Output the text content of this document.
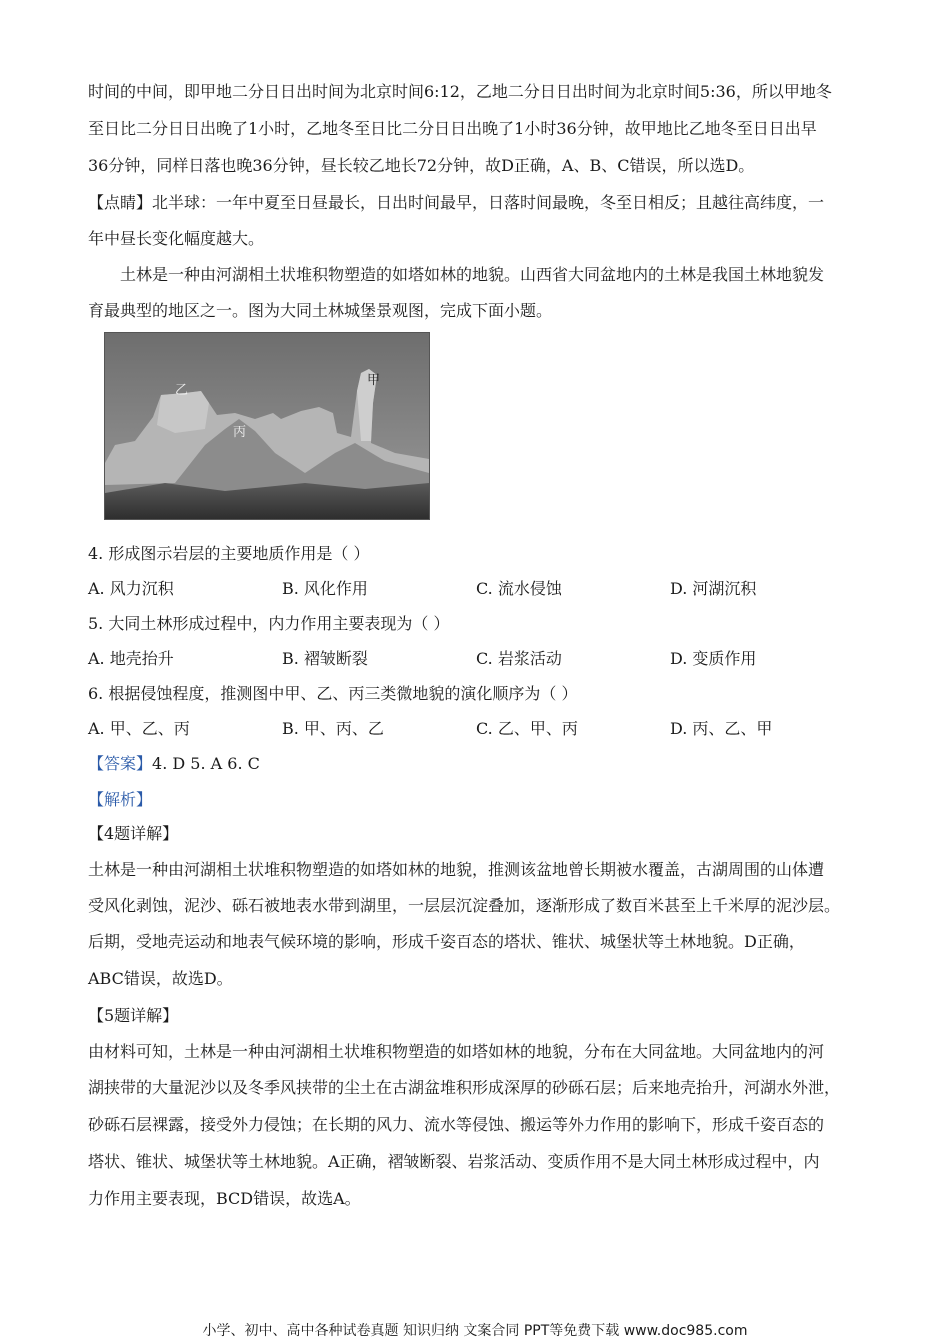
时间的中间，即甲地二分日日出时间为北京时间6:12，乙地二分日日出时间为北京时间5:36，所以甲地冬
至日比二分日日出晚了1小时，乙地冬至日比二分日日出晚了1小时36分钟，故甲地比乙地冬至日日出早
36分钟，同样日落也晚36分钟，昼长较乙地长72分钟，故D正确，A、B、C错误，所以选D。
【点睛】北半球：一年中夏至日昼最长，日出时间最早，日落时间最晚，冬至日相反；且越往高纬度，一
年中昼长变化幅度越大。
土林是一种由河湖相土状堆积物塑造的如塔如林的地貌。山西省大同盆地内的土林是我国土林地貌发
育最典型的地区之一。图为大同土林城堡景观图，完成下面小题。
乙
甲
丙
4. 形成图示岩层的主要地质作用是（ ）
A. 风力沉积	B. 风化作用	C. 流水侵蚀	D. 河湖沉积
5. 大同土林形成过程中，内力作用主要表现为（ ）
A. 地壳抬升	B. 褶皱断裂	C. 岩浆活动	D. 变质作用
6. 根据侵蚀程度，推测图中甲、乙、丙三类微地貌的演化顺序为（ ）
A. 甲、乙、丙	B. 甲、丙、乙	C. 乙、甲、丙	D. 丙、乙、甲
【答案】4. D 5. A 6. C
【解析】
【4题详解】
土林是一种由河湖相土状堆积物塑造的如塔如林的地貌，推测该盆地曾长期被水覆盖，古湖周围的山体遭
受风化剥蚀，泥沙、砾石被地表水带到湖里，一层层沉淀叠加，逐渐形成了数百米甚至上千米厚的泥沙层。
后期，受地壳运动和地表气候环境的影响，形成千姿百态的塔状、锥状、城堡状等土林地貌。D正确，
ABC错误，故选D。
【5题详解】
由材料可知，土林是一种由河湖相土状堆积物塑造的如塔如林的地貌，分布在大同盆地。大同盆地内的河
湖挟带的大量泥沙以及冬季风挟带的尘土在古湖盆堆积形成深厚的砂砾石层；后来地壳抬升，河湖水外泄，
砂砾石层裸露，接受外力侵蚀；在长期的风力、流水等侵蚀、搬运等外力作用的影响下，形成千姿百态的
塔状、锥状、城堡状等土林地貌。A正确，褶皱断裂、岩浆活动、变质作用不是大同土林形成过程中，内
力作用主要表现，BCD错误，故选A。
小学、初中、高中各种试卷真题 知识归纳 文案合同 PPT等免费下载 www.doc985.com
